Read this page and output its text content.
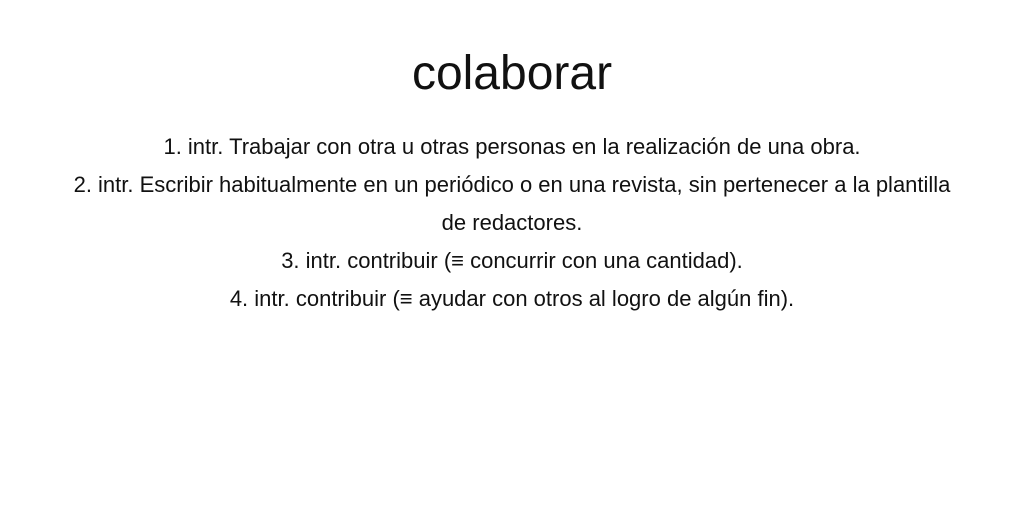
colaborar

1. intr. Trabajar con otra u otras personas en la realización de una obra.

2. intr. Escribir habitualmente en un periódico o en una revista, sin pertenecer a la plantilla de redactores.

3. intr. contribuir (≡ concurrir con una cantidad).

4. intr. contribuir (≡ ayudar con otros al logro de algún fin).
